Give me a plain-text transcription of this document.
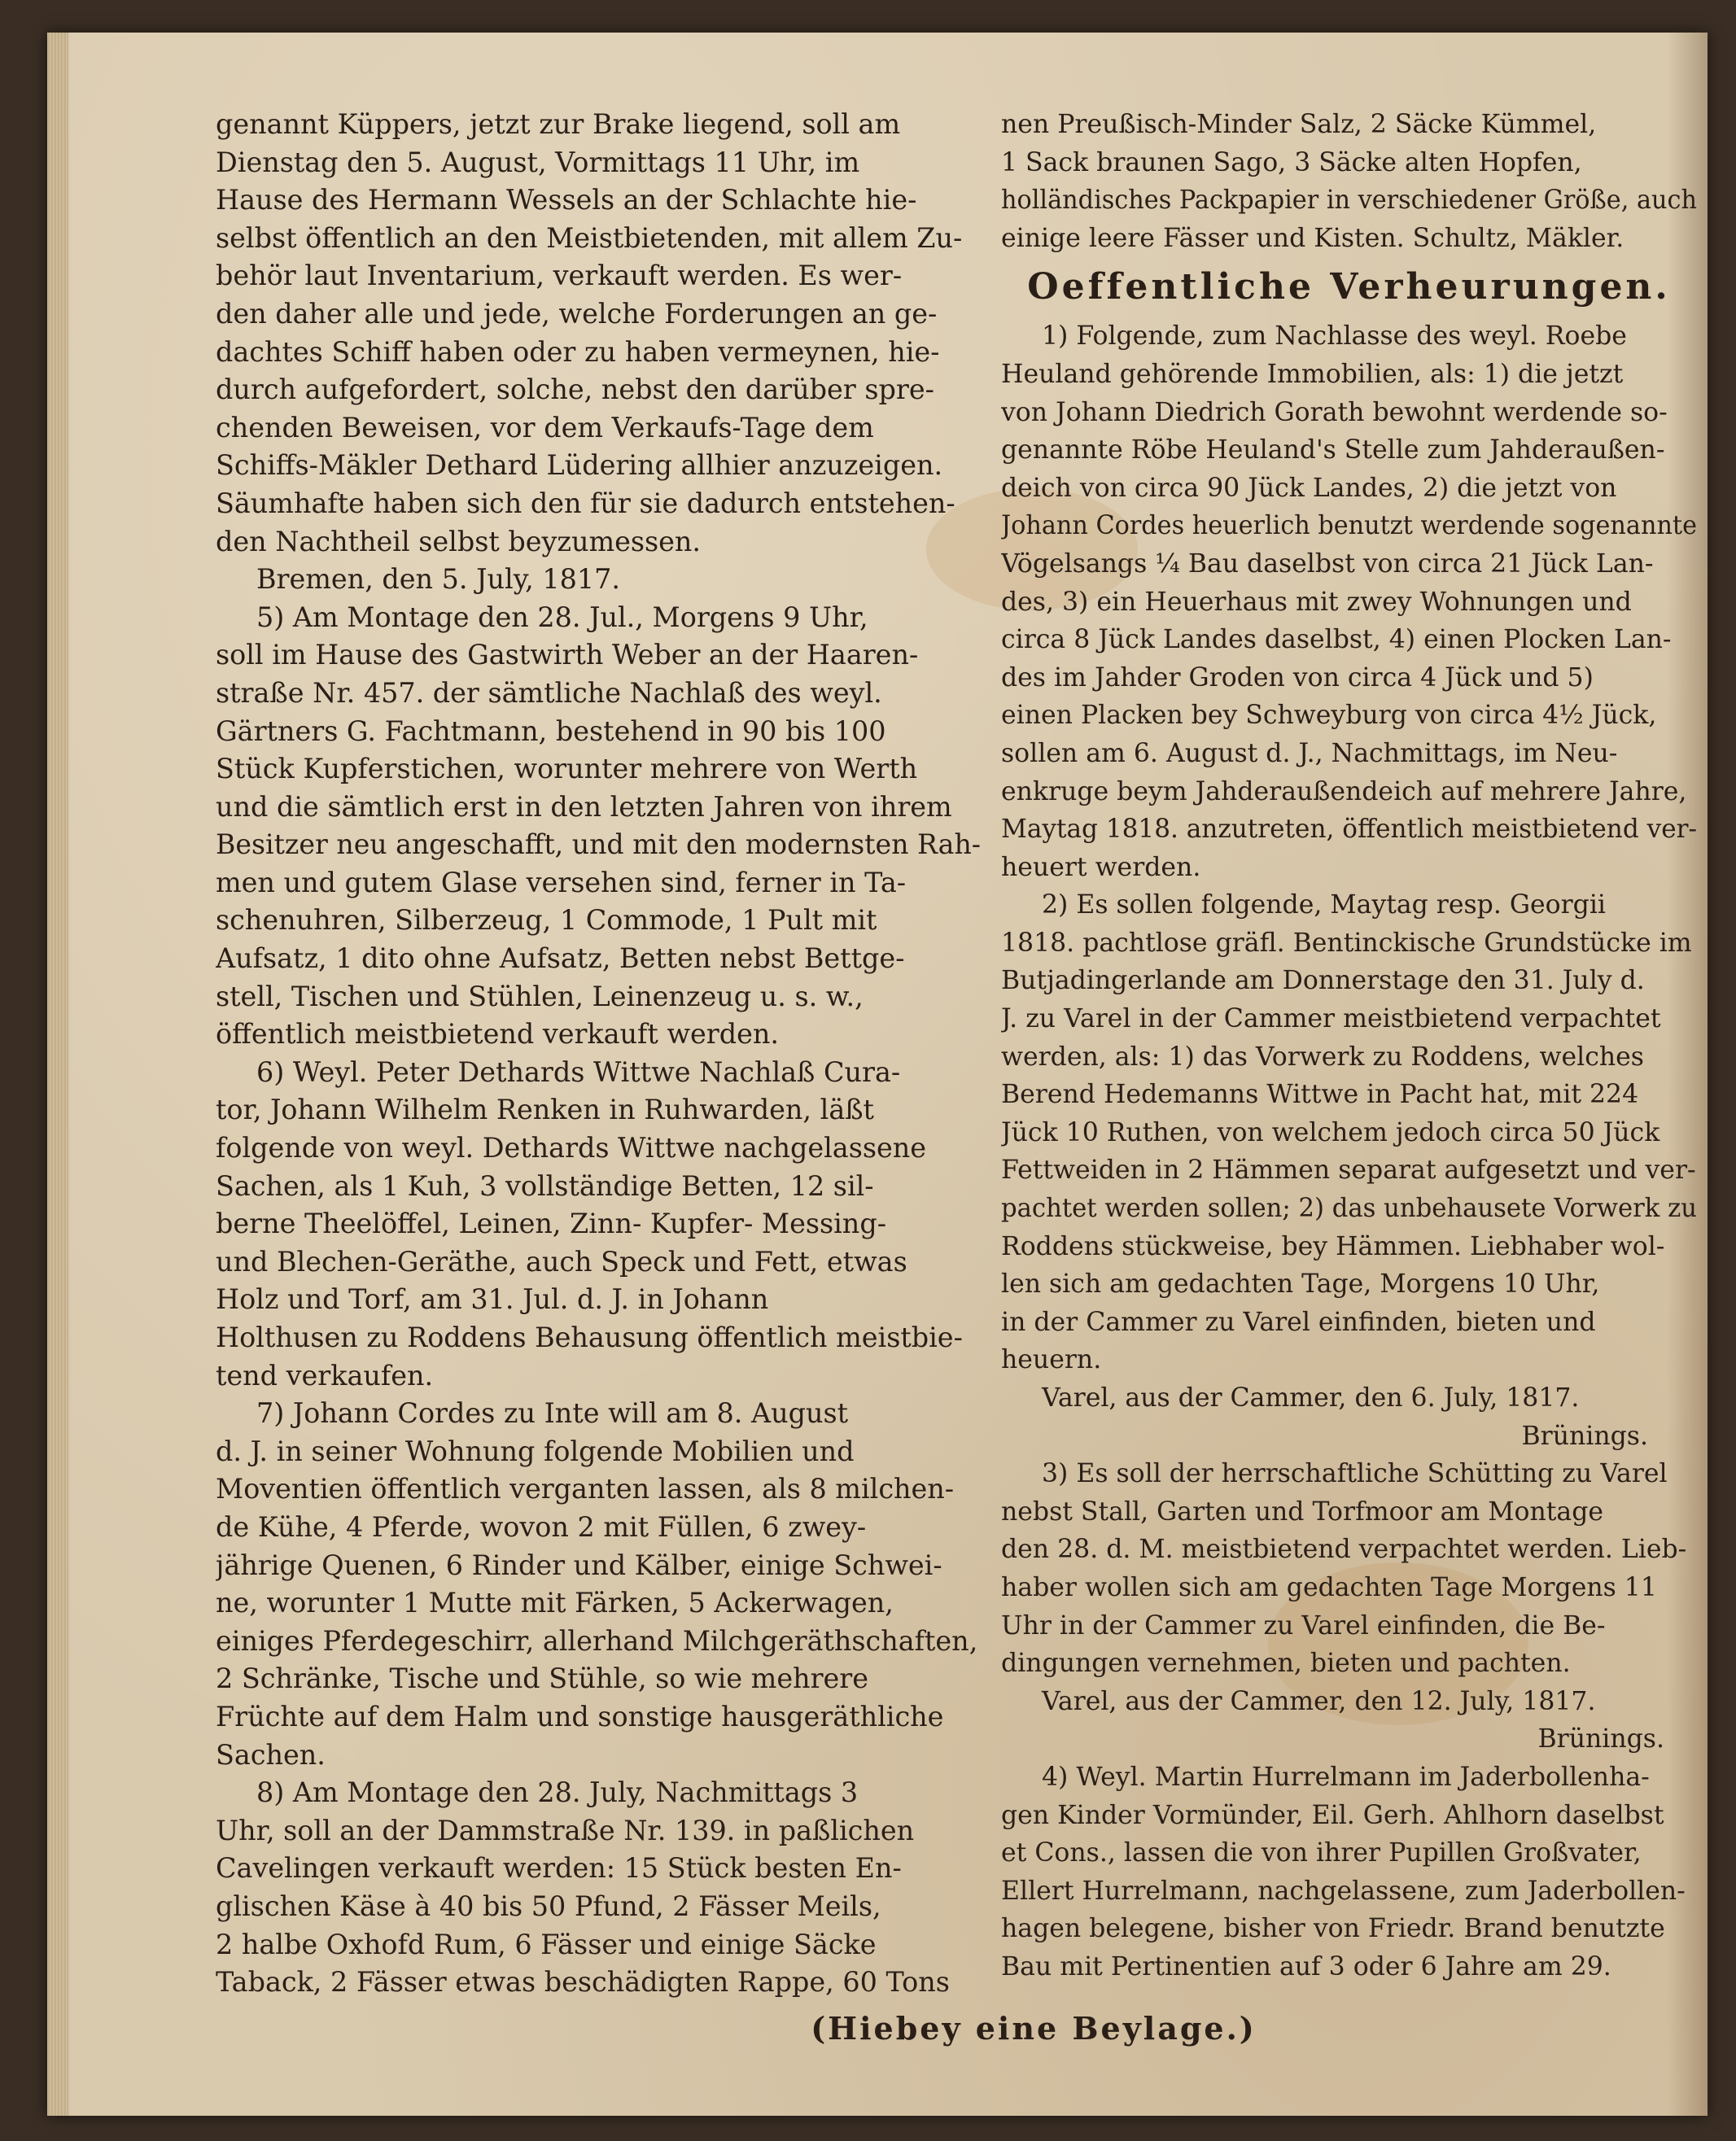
genannt Küppers, jetzt zur Brake liegend, soll am
Dienstag den 5. August, Vormittags 11 Uhr, im
Hause des Hermann Wessels an der Schlachte hie-
selbst öffentlich an den Meistbietenden, mit allem Zu-
behör laut Inventarium, verkauft werden. Es wer-
den daher alle und jede, welche Forderungen an ge-
dachtes Schiff haben oder zu haben vermeynen, hie-
durch aufgefordert, solche, nebst den darüber spre-
chenden Beweisen, vor dem Verkaufs-Tage dem
Schiffs-Mäkler Dethard Lüdering allhier anzuzeigen.
Säumhafte haben sich den für sie dadurch entstehen-
den Nachtheil selbst beyzumessen.
Bremen, den 5. July, 1817.
5) Am Montage den 28. Jul., Morgens 9 Uhr,
soll im Hause des Gastwirth Weber an der Haaren-
straße Nr. 457. der sämtliche Nachlaß des weyl.
Gärtners G. Fachtmann, bestehend in 90 bis 100
Stück Kupferstichen, worunter mehrere von Werth
und die sämtlich erst in den letzten Jahren von ihrem
Besitzer neu angeschafft, und mit den modernsten Rah-
men und gutem Glase versehen sind, ferner in Ta-
schenuhren, Silberzeug, 1 Commode, 1 Pult mit
Aufsatz, 1 dito ohne Aufsatz, Betten nebst Bettge-
stell, Tischen und Stühlen, Leinenzeug u. s. w.,
öffentlich meistbietend verkauft werden.
6) Weyl. Peter Dethards Wittwe Nachlaß Cura-
tor, Johann Wilhelm Renken in Ruhwarden, läßt
folgende von weyl. Dethards Wittwe nachgelassene
Sachen, als 1 Kuh, 3 vollständige Betten, 12 sil-
berne Theelöffel, Leinen, Zinn- Kupfer- Messing-
und Blechen-Geräthe, auch Speck und Fett, etwas
Holz und Torf, am 31. Jul. d. J. in Johann
Holthusen zu Roddens Behausung öffentlich meistbie-
tend verkaufen.
7) Johann Cordes zu Inte will am 8. August
d. J. in seiner Wohnung folgende Mobilien und
Moventien öffentlich verganten lassen, als 8 milchen-
de Kühe, 4 Pferde, wovon 2 mit Füllen, 6 zwey-
jährige Quenen, 6 Rinder und Kälber, einige Schwei-
ne, worunter 1 Mutte mit Färken, 5 Ackerwagen,
einiges Pferdegeschirr, allerhand Milchgeräthschaften,
2 Schränke, Tische und Stühle, so wie mehrere
Früchte auf dem Halm und sonstige hausgeräthliche
Sachen.
8) Am Montage den 28. July, Nachmittags 3
Uhr, soll an der Dammstraße Nr. 139. in paßlichen
Cavelingen verkauft werden: 15 Stück besten En-
glischen Käse à 40 bis 50 Pfund, 2 Fässer Meils,
2 halbe Oxhofd Rum, 6 Fässer und einige Säcke
Taback, 2 Fässer etwas beschädigten Rappe, 60 Tons
nen Preußisch-Minder Salz, 2 Säcke Kümmel,
1 Sack braunen Sago, 3 Säcke alten Hopfen,
holländisches Packpapier in verschiedener Größe, auch
einige leere Fässer und Kisten. Schultz, Mäkler.
Oeffentliche Verheurungen.
1) Folgende, zum Nachlasse des weyl. Roebe
Heuland gehörende Immobilien, als: 1) die jetzt
von Johann Diedrich Gorath bewohnt werdende so-
genannte Röbe Heuland's Stelle zum Jahderaußen-
deich von circa 90 Jück Landes, 2) die jetzt von
Johann Cordes heuerlich benutzt werdende sogenannte
Vögelsangs ¼ Bau daselbst von circa 21 Jück Lan-
des, 3) ein Heuerhaus mit zwey Wohnungen und
circa 8 Jück Landes daselbst, 4) einen Plocken Lan-
des im Jahder Groden von circa 4 Jück und 5)
einen Placken bey Schweyburg von circa 4½ Jück,
sollen am 6. August d. J., Nachmittags, im Neu-
enkruge beym Jahderaußendeich auf mehrere Jahre,
Maytag 1818. anzutreten, öffentlich meistbietend ver-
heuert werden.
2) Es sollen folgende, Maytag resp. Georgii
1818. pachtlose gräfl. Bentinckische Grundstücke im
Butjadingerlande am Donnerstage den 31. July d.
J. zu Varel in der Cammer meistbietend verpachtet
werden, als: 1) das Vorwerk zu Roddens, welches
Berend Hedemanns Wittwe in Pacht hat, mit 224
Jück 10 Ruthen, von welchem jedoch circa 50 Jück
Fettweiden in 2 Hämmen separat aufgesetzt und ver-
pachtet werden sollen; 2) das unbehausete Vorwerk zu
Roddens stückweise, bey Hämmen. Liebhaber wol-
len sich am gedachten Tage, Morgens 10 Uhr,
in der Cammer zu Varel einfinden, bieten und
heuern.
Varel, aus der Cammer, den 6. July, 1817.
Brünings.
3) Es soll der herrschaftliche Schütting zu Varel
nebst Stall, Garten und Torfmoor am Montage
den 28. d. M. meistbietend verpachtet werden. Lieb-
haber wollen sich am gedachten Tage Morgens 11
Uhr in der Cammer zu Varel einfinden, die Be-
dingungen vernehmen, bieten und pachten.
Varel, aus der Cammer, den 12. July, 1817.
Brünings.
4) Weyl. Martin Hurrelmann im Jaderbollenha-
gen Kinder Vormünder, Eil. Gerh. Ahlhorn daselbst
et Cons., lassen die von ihrer Pupillen Großvater,
Ellert Hurrelmann, nachgelassene, zum Jaderbollen-
hagen belegene, bisher von Friedr. Brand benutzte
Bau mit Pertinentien auf 3 oder 6 Jahre am 29.
(Hiebey eine Beylage.)
